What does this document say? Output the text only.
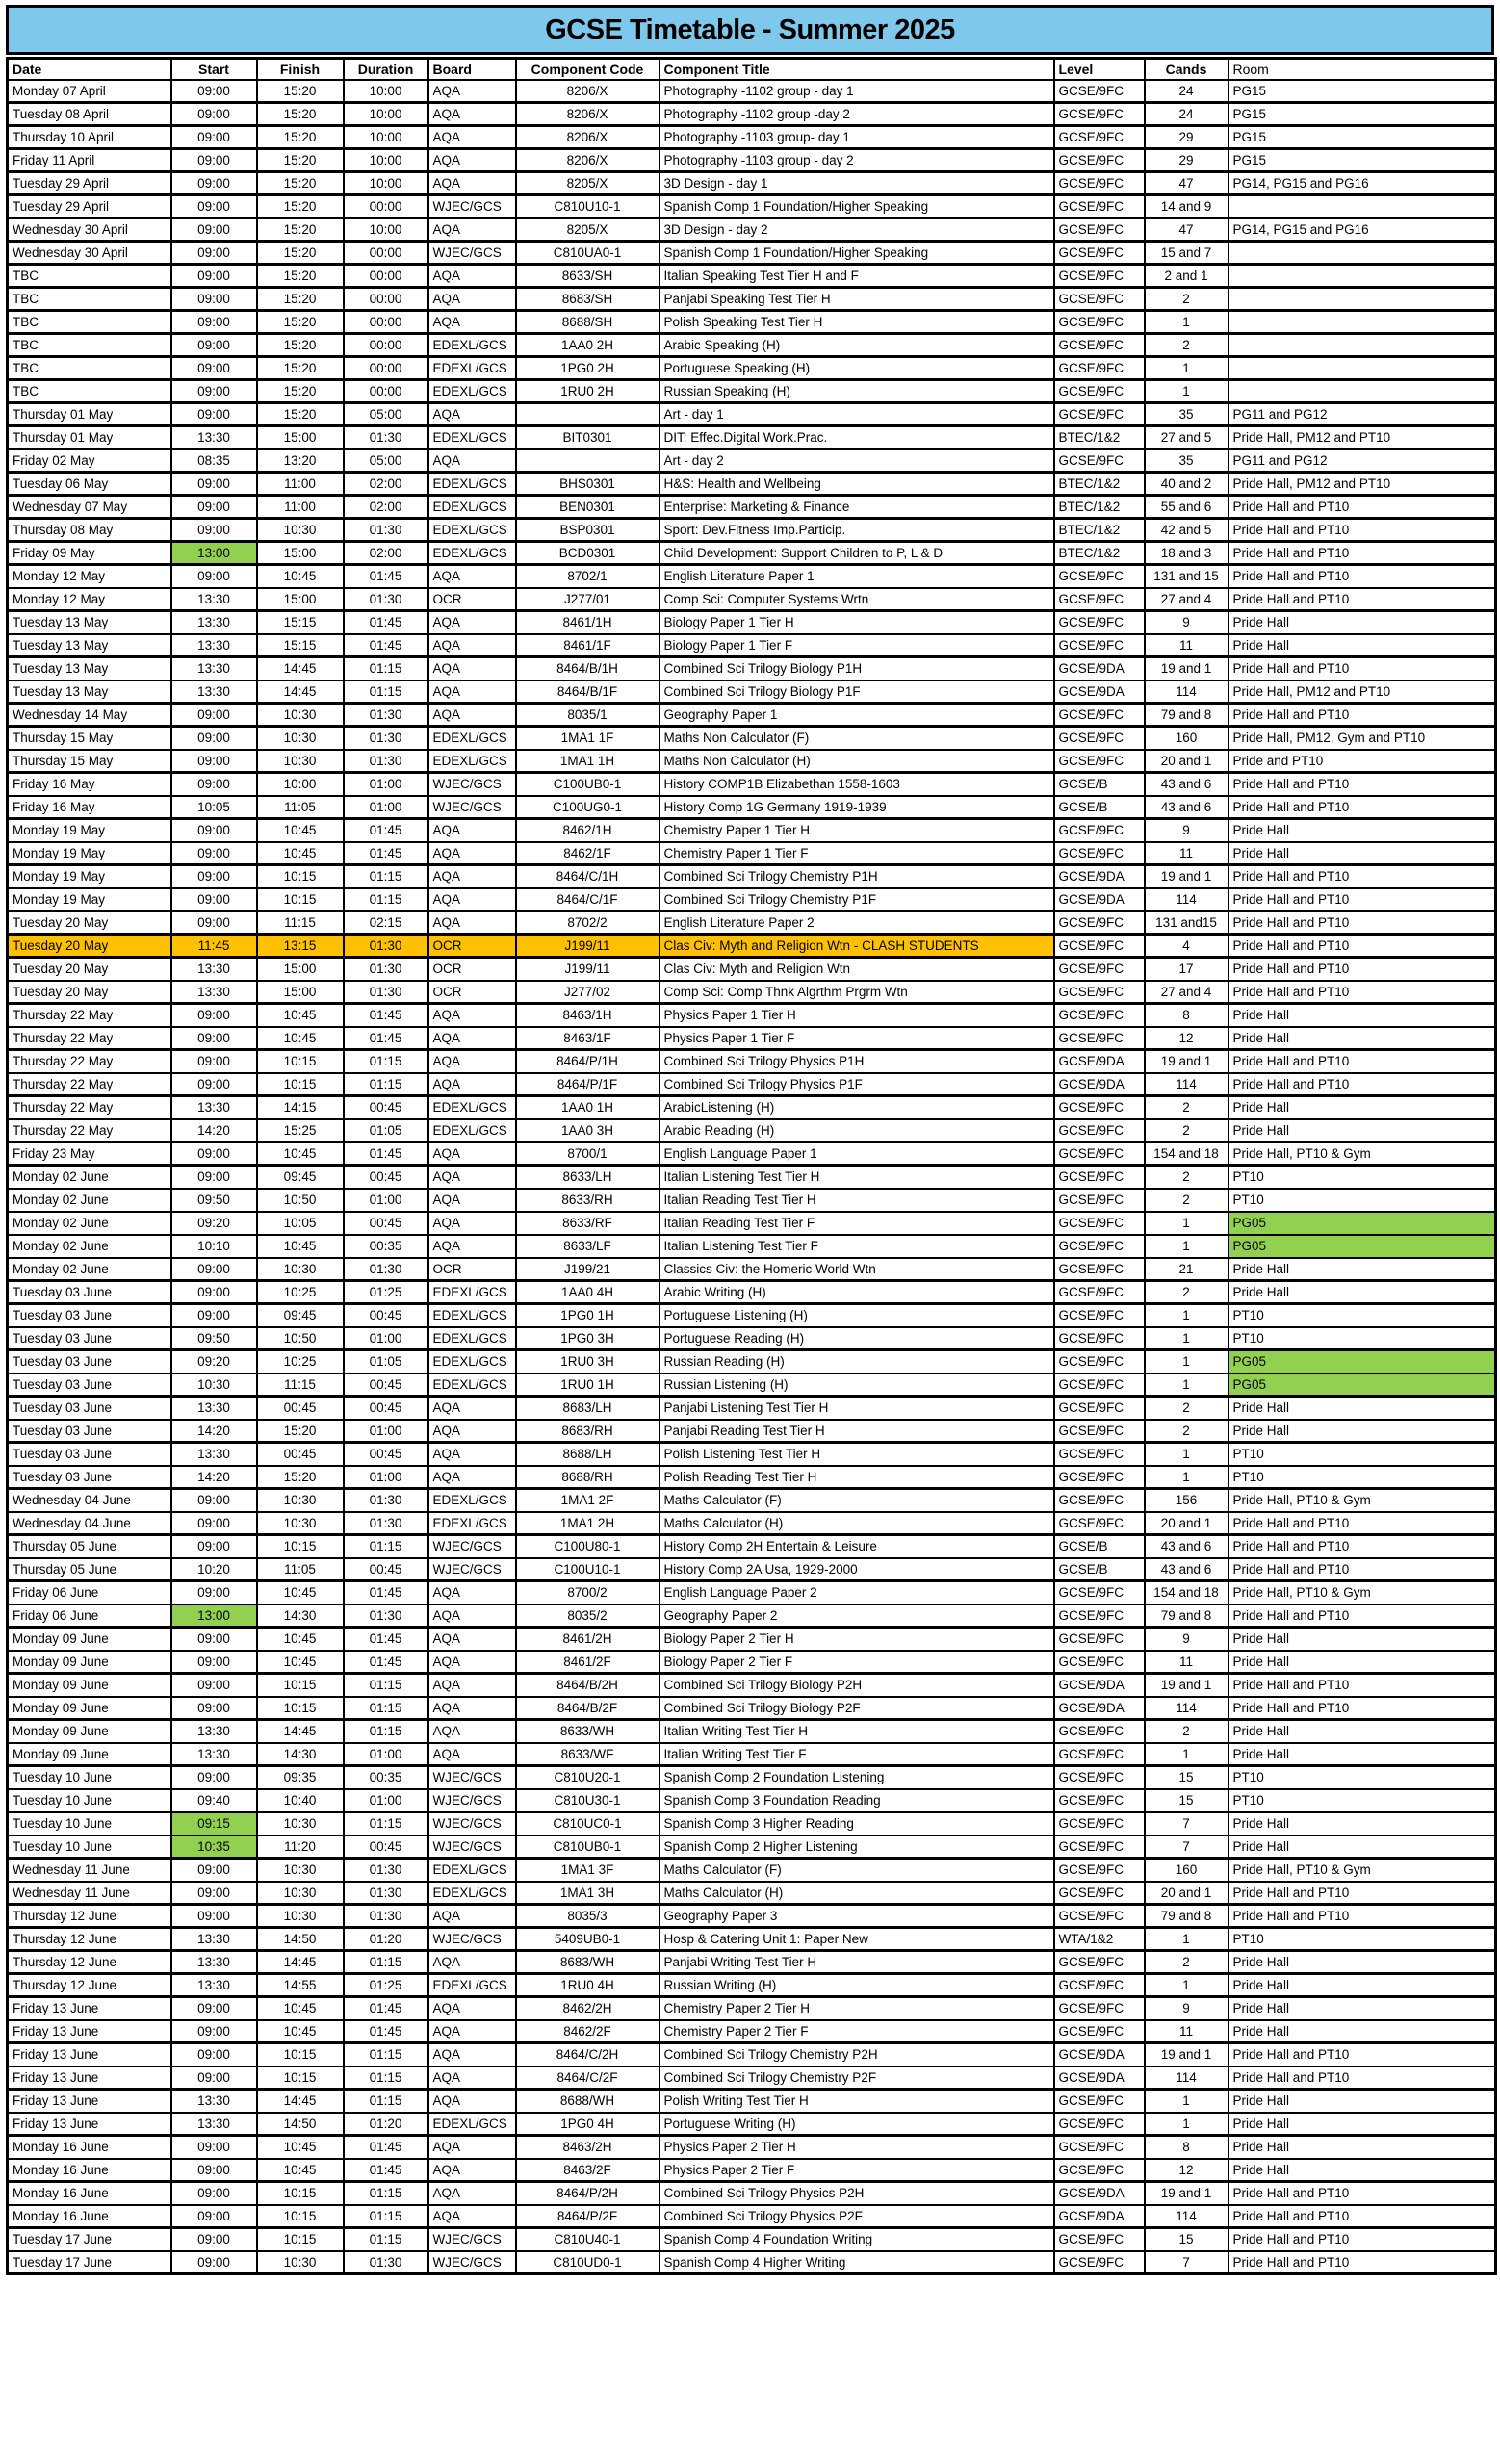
GCSE Timetable - Summer 2025
Date	Start	Finish	Duration	Board	Component Code	Component Title	Level	Cands	Room
Monday 07 April	09:00	15:20	10:00	AQA	8206/X	Photography -1102 group - day 1	GCSE/9FC	24	PG15
Tuesday 08 April	09:00	15:20	10:00	AQA	8206/X	Photography -1102 group -day 2	GCSE/9FC	24	PG15
Thursday 10 April	09:00	15:20	10:00	AQA	8206/X	Photography -1103 group- day 1	GCSE/9FC	29	PG15
Friday 11 April	09:00	15:20	10:00	AQA	8206/X	Photography -1103 group - day 2	GCSE/9FC	29	PG15
Tuesday 29 April	09:00	15:20	10:00	AQA	8205/X	3D Design - day 1	GCSE/9FC	47	PG14, PG15 and PG16
Tuesday 29 April	09:00	15:20	00:00	WJEC/GCS	C810U10-1	Spanish Comp 1 Foundation/Higher Speaking	GCSE/9FC	14 and 9	
Wednesday 30 April	09:00	15:20	10:00	AQA	8205/X	3D Design - day 2	GCSE/9FC	47	PG14, PG15 and PG16
Wednesday 30 April	09:00	15:20	00:00	WJEC/GCS	C810UA0-1	Spanish Comp 1 Foundation/Higher Speaking	GCSE/9FC	15 and 7	
TBC	09:00	15:20	00:00	AQA	8633/SH	Italian Speaking Test Tier H and F	GCSE/9FC	2 and 1	
TBC	09:00	15:20	00:00	AQA	8683/SH	Panjabi Speaking Test Tier H	GCSE/9FC	2	
TBC	09:00	15:20	00:00	AQA	8688/SH	Polish Speaking Test Tier H	GCSE/9FC	1	
TBC	09:00	15:20	00:00	EDEXL/GCS	1AA0 2H	Arabic Speaking (H)	GCSE/9FC	2	
TBC	09:00	15:20	00:00	EDEXL/GCS	1PG0 2H	Portuguese Speaking (H)	GCSE/9FC	1	
TBC	09:00	15:20	00:00	EDEXL/GCS	1RU0 2H	Russian Speaking (H)	GCSE/9FC	1	
Thursday 01 May	09:00	15:20	05:00	AQA		Art - day 1	GCSE/9FC	35	PG11 and PG12
Thursday 01 May	13:30	15:00	01:30	EDEXL/GCS	BIT0301	DIT: Effec.Digital Work.Prac.	BTEC/1&2	27 and 5	Pride Hall, PM12 and PT10
Friday 02 May	08:35	13:20	05:00	AQA		Art - day 2	GCSE/9FC	35	PG11 and PG12
Tuesday 06 May	09:00	11:00	02:00	EDEXL/GCS	BHS0301	H&S: Health and Wellbeing	BTEC/1&2	40 and 2	Pride Hall, PM12 and PT10
Wednesday 07 May	09:00	11:00	02:00	EDEXL/GCS	BEN0301	Enterprise: Marketing & Finance	BTEC/1&2	55 and 6	Pride Hall and PT10
Thursday 08 May	09:00	10:30	01:30	EDEXL/GCS	BSP0301	Sport: Dev.Fitness Imp.Particip.	BTEC/1&2	42 and 5	Pride Hall and PT10
Friday 09 May	13:00	15:00	02:00	EDEXL/GCS	BCD0301	Child Development: Support Children to P, L & D	BTEC/1&2	18 and 3	Pride Hall and PT10
Monday 12 May	09:00	10:45	01:45	AQA	8702/1	English Literature Paper 1	GCSE/9FC	131 and 15	Pride Hall and PT10
Monday 12 May	13:30	15:00	01:30	OCR	J277/01	Comp Sci: Computer Systems Wrtn	GCSE/9FC	27 and 4	Pride Hall and PT10
Tuesday 13 May	13:30	15:15	01:45	AQA	8461/1H	Biology Paper 1 Tier H	GCSE/9FC	9	Pride Hall
Tuesday 13 May	13:30	15:15	01:45	AQA	8461/1F	Biology Paper 1 Tier F	GCSE/9FC	11	Pride Hall
Tuesday 13 May	13:30	14:45	01:15	AQA	8464/B/1H	Combined Sci Trilogy Biology P1H	GCSE/9DA	19 and 1	Pride Hall and PT10
Tuesday 13 May	13:30	14:45	01:15	AQA	8464/B/1F	Combined Sci Trilogy Biology P1F	GCSE/9DA	114	Pride Hall, PM12 and PT10
Wednesday 14 May	09:00	10:30	01:30	AQA	8035/1	Geography Paper 1	GCSE/9FC	79 and 8	Pride Hall and PT10
Thursday 15 May	09:00	10:30	01:30	EDEXL/GCS	1MA1 1F	Maths Non Calculator (F)	GCSE/9FC	160	Pride Hall, PM12, Gym and PT10
Thursday 15 May	09:00	10:30	01:30	EDEXL/GCS	1MA1 1H	Maths Non Calculator (H)	GCSE/9FC	20 and 1	Pride and PT10
Friday 16 May	09:00	10:00	01:00	WJEC/GCS	C100UB0-1	History COMP1B Elizabethan 1558-1603	GCSE/B	43 and 6	Pride Hall and PT10
Friday 16 May	10:05	11:05	01:00	WJEC/GCS	C100UG0-1	History Comp 1G Germany 1919-1939	GCSE/B	43 and 6	Pride Hall and PT10
Monday 19 May	09:00	10:45	01:45	AQA	8462/1H	Chemistry Paper 1 Tier H	GCSE/9FC	9	Pride Hall
Monday 19 May	09:00	10:45	01:45	AQA	8462/1F	Chemistry Paper 1 Tier F	GCSE/9FC	11	Pride Hall
Monday 19 May	09:00	10:15	01:15	AQA	8464/C/1H	Combined Sci Trilogy Chemistry P1H	GCSE/9DA	19 and 1	Pride Hall and PT10
Monday 19 May	09:00	10:15	01:15	AQA	8464/C/1F	Combined Sci Trilogy Chemistry P1F	GCSE/9DA	114	Pride Hall and PT10
Tuesday 20 May	09:00	11:15	02:15	AQA	8702/2	English Literature Paper 2	GCSE/9FC	131 and15	Pride Hall and PT10
Tuesday 20 May	11:45	13:15	01:30	OCR	J199/11	Clas Civ: Myth and Religion Wtn - CLASH STUDENTS	GCSE/9FC	4	Pride Hall and PT10
Tuesday 20 May	13:30	15:00	01:30	OCR	J199/11	Clas Civ: Myth and Religion Wtn	GCSE/9FC	17	Pride Hall and PT10
Tuesday 20 May	13:30	15:00	01:30	OCR	J277/02	Comp Sci: Comp Thnk Algrthm Prgrm Wtn	GCSE/9FC	27 and 4	Pride Hall and PT10
Thursday 22 May	09:00	10:45	01:45	AQA	8463/1H	Physics Paper 1 Tier H	GCSE/9FC	8	Pride Hall
Thursday 22 May	09:00	10:45	01:45	AQA	8463/1F	Physics Paper 1 Tier F	GCSE/9FC	12	Pride Hall
Thursday 22 May	09:00	10:15	01:15	AQA	8464/P/1H	Combined Sci Trilogy Physics P1H	GCSE/9DA	19 and 1	Pride Hall and PT10
Thursday 22 May	09:00	10:15	01:15	AQA	8464/P/1F	Combined Sci Trilogy Physics P1F	GCSE/9DA	114	Pride Hall and PT10
Thursday 22 May	13:30	14:15	00:45	EDEXL/GCS	1AA0 1H	ArabicListening (H)	GCSE/9FC	2	Pride Hall
Thursday 22 May	14:20	15:25	01:05	EDEXL/GCS	1AA0 3H	Arabic Reading (H)	GCSE/9FC	2	Pride Hall
Friday 23 May	09:00	10:45	01:45	AQA	8700/1	English Language Paper 1	GCSE/9FC	154 and 18	Pride Hall, PT10 & Gym
Monday 02 June	09:00	09:45	00:45	AQA	8633/LH	Italian Listening Test Tier H	GCSE/9FC	2	PT10
Monday 02 June	09:50	10:50	01:00	AQA	8633/RH	Italian Reading Test Tier H	GCSE/9FC	2	PT10
Monday 02 June	09:20	10:05	00:45	AQA	8633/RF	Italian Reading Test Tier F	GCSE/9FC	1	PG05
Monday 02 June	10:10	10:45	00:35	AQA	8633/LF	Italian Listening Test Tier F	GCSE/9FC	1	PG05
Monday 02 June	09:00	10:30	01:30	OCR	J199/21	Classics Civ: the Homeric World Wtn	GCSE/9FC	21	Pride Hall
Tuesday 03 June	09:00	10:25	01:25	EDEXL/GCS	1AA0 4H	Arabic Writing (H)	GCSE/9FC	2	Pride Hall
Tuesday 03 June	09:00	09:45	00:45	EDEXL/GCS	1PG0 1H	Portuguese Listening (H)	GCSE/9FC	1	PT10
Tuesday 03 June	09:50	10:50	01:00	EDEXL/GCS	1PG0 3H	Portuguese Reading (H)	GCSE/9FC	1	PT10
Tuesday 03 June	09:20	10:25	01:05	EDEXL/GCS	1RU0 3H	Russian Reading (H)	GCSE/9FC	1	PG05
Tuesday 03 June	10:30	11:15	00:45	EDEXL/GCS	1RU0 1H	Russian Listening (H)	GCSE/9FC	1	PG05
Tuesday 03 June	13:30	00:45	00:45	AQA	8683/LH	Panjabi Listening Test Tier H	GCSE/9FC	2	Pride Hall
Tuesday 03 June	14:20	15:20	01:00	AQA	8683/RH	Panjabi Reading Test Tier H	GCSE/9FC	2	Pride Hall
Tuesday 03 June	13:30	00:45	00:45	AQA	8688/LH	Polish Listening Test Tier H	GCSE/9FC	1	PT10
Tuesday 03 June	14:20	15:20	01:00	AQA	8688/RH	Polish Reading Test Tier H	GCSE/9FC	1	PT10
Wednesday 04 June	09:00	10:30	01:30	EDEXL/GCS	1MA1 2F	Maths Calculator (F)	GCSE/9FC	156	Pride Hall, PT10 & Gym
Wednesday 04 June	09:00	10:30	01:30	EDEXL/GCS	1MA1 2H	Maths Calculator (H)	GCSE/9FC	20 and 1	Pride Hall and PT10
Thursday 05 June	09:00	10:15	01:15	WJEC/GCS	C100U80-1	History Comp 2H Entertain & Leisure	GCSE/B	43 and 6	Pride Hall and PT10
Thursday 05 June	10:20	11:05	00:45	WJEC/GCS	C100U10-1	History Comp 2A Usa, 1929-2000	GCSE/B	43 and 6	Pride Hall and PT10
Friday 06 June	09:00	10:45	01:45	AQA	8700/2	English Language Paper 2	GCSE/9FC	154 and 18	Pride Hall, PT10 & Gym
Friday 06 June	13:00	14:30	01:30	AQA	8035/2	Geography Paper 2	GCSE/9FC	79 and 8	Pride Hall and PT10
Monday 09 June	09:00	10:45	01:45	AQA	8461/2H	Biology Paper 2 Tier H	GCSE/9FC	9	Pride Hall
Monday 09 June	09:00	10:45	01:45	AQA	8461/2F	Biology Paper 2 Tier F	GCSE/9FC	11	Pride Hall
Monday 09 June	09:00	10:15	01:15	AQA	8464/B/2H	Combined Sci Trilogy Biology P2H	GCSE/9DA	19 and 1	Pride Hall and PT10
Monday 09 June	09:00	10:15	01:15	AQA	8464/B/2F	Combined Sci Trilogy Biology P2F	GCSE/9DA	114	Pride Hall and PT10
Monday 09 June	13:30	14:45	01:15	AQA	8633/WH	Italian Writing Test Tier H	GCSE/9FC	2	Pride Hall
Monday 09 June	13:30	14:30	01:00	AQA	8633/WF	Italian Writing Test Tier F	GCSE/9FC	1	Pride Hall
Tuesday 10 June	09:00	09:35	00:35	WJEC/GCS	C810U20-1	Spanish Comp 2 Foundation Listening	GCSE/9FC	15	PT10
Tuesday 10 June	09:40	10:40	01:00	WJEC/GCS	C810U30-1	Spanish Comp 3 Foundation Reading	GCSE/9FC	15	PT10
Tuesday 10 June	09:15	10:30	01:15	WJEC/GCS	C810UC0-1	Spanish Comp 3 Higher Reading	GCSE/9FC	7	Pride Hall
Tuesday 10 June	10:35	11:20	00:45	WJEC/GCS	C810UB0-1	Spanish Comp 2 Higher Listening	GCSE/9FC	7	Pride Hall
Wednesday 11 June	09:00	10:30	01:30	EDEXL/GCS	1MA1 3F	Maths Calculator (F)	GCSE/9FC	160	Pride Hall, PT10 & Gym
Wednesday 11 June	09:00	10:30	01:30	EDEXL/GCS	1MA1 3H	Maths Calculator (H)	GCSE/9FC	20 and 1	Pride Hall and PT10
Thursday 12 June	09:00	10:30	01:30	AQA	8035/3	Geography Paper 3	GCSE/9FC	79 and 8	Pride Hall and PT10
Thursday 12 June	13:30	14:50	01:20	WJEC/GCS	5409UB0-1	Hosp & Catering Unit 1: Paper New	WTA/1&2	1	PT10
Thursday 12 June	13:30	14:45	01:15	AQA	8683/WH	Panjabi Writing Test Tier H	GCSE/9FC	2	Pride Hall
Thursday 12 June	13:30	14:55	01:25	EDEXL/GCS	1RU0 4H	Russian Writing (H)	GCSE/9FC	1	Pride Hall
Friday 13 June	09:00	10:45	01:45	AQA	8462/2H	Chemistry Paper 2 Tier H	GCSE/9FC	9	Pride Hall
Friday 13 June	09:00	10:45	01:45	AQA	8462/2F	Chemistry Paper 2 Tier F	GCSE/9FC	11	Pride Hall
Friday 13 June	09:00	10:15	01:15	AQA	8464/C/2H	Combined Sci Trilogy Chemistry P2H	GCSE/9DA	19 and 1	Pride Hall and PT10
Friday 13 June	09:00	10:15	01:15	AQA	8464/C/2F	Combined Sci Trilogy Chemistry P2F	GCSE/9DA	114	Pride Hall and PT10
Friday 13 June	13:30	14:45	01:15	AQA	8688/WH	Polish Writing Test Tier H	GCSE/9FC	1	Pride Hall
Friday 13 June	13:30	14:50	01:20	EDEXL/GCS	1PG0 4H	Portuguese Writing (H)	GCSE/9FC	1	Pride Hall
Monday 16 June	09:00	10:45	01:45	AQA	8463/2H	Physics Paper 2 Tier H	GCSE/9FC	8	Pride Hall
Monday 16 June	09:00	10:45	01:45	AQA	8463/2F	Physics Paper 2 Tier F	GCSE/9FC	12	Pride Hall
Monday 16 June	09:00	10:15	01:15	AQA	8464/P/2H	Combined Sci Trilogy Physics P2H	GCSE/9DA	19 and 1	Pride Hall and PT10
Monday 16 June	09:00	10:15	01:15	AQA	8464/P/2F	Combined Sci Trilogy Physics P2F	GCSE/9DA	114	Pride Hall and PT10
Tuesday 17 June	09:00	10:15	01:15	WJEC/GCS	C810U40-1	Spanish Comp 4 Foundation Writing	GCSE/9FC	15	Pride Hall and PT10
Tuesday 17 June	09:00	10:30	01:30	WJEC/GCS	C810UD0-1	Spanish Comp 4 Higher Writing	GCSE/9FC	7	Pride Hall and PT10
